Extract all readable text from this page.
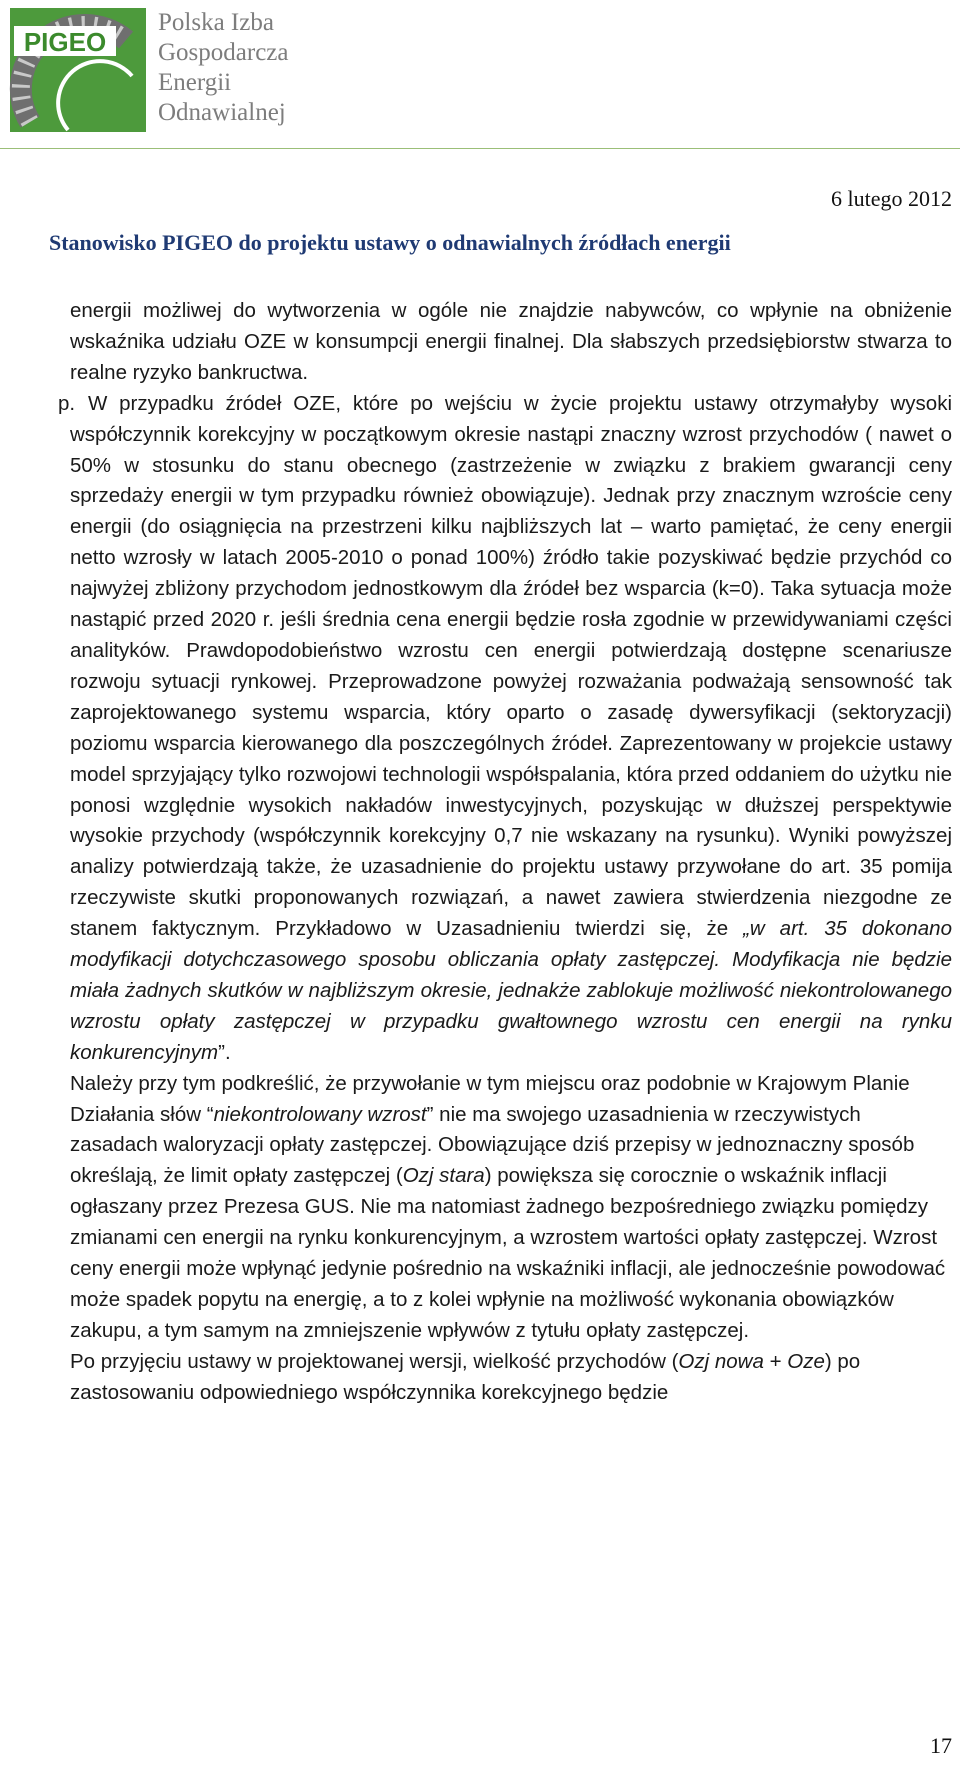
PIGEO
Polska Izba
Gospodarcza
Energii
Odnawialnej
6 lutego 2012
Stanowisko PIGEO do projektu ustawy o odnawialnych źródłach energii

energii możliwej do wytworzenia w ogóle nie znajdzie nabywców, co wpłynie na obniżenie wskaźnika udziału OZE w konsumpcji energii finalnej. Dla słabszych przedsiębiorstw stwarza to realne ryzyko bankructwa.

p. W przypadku źródeł OZE, które po wejściu w życie projektu ustawy otrzymałyby wysoki współczynnik korekcyjny w początkowym okresie nastąpi znaczny wzrost przychodów ( nawet o 50% w stosunku do stanu obecnego (zastrzeżenie w związku z brakiem gwarancji ceny sprzedaży energii w tym przypadku również obowiązuje). Jednak przy znacznym wzroście ceny energii (do osiągnięcia na przestrzeni kilku najbliższych lat – warto pamiętać, że ceny energii netto wzrosły w latach 2005-2010 o ponad 100%) źródło takie pozyskiwać będzie przychód co najwyżej zbliżony przychodom jednostkowym dla źródeł bez wsparcia (k=0). Taka sytuacja może nastąpić przed 2020 r. jeśli średnia cena energii będzie rosła zgodnie w przewidywaniami części analityków. Prawdopodobieństwo wzrostu cen energii potwierdzają dostępne scenariusze rozwoju sytuacji rynkowej. Przeprowadzone powyżej rozważania podważają sensowność tak zaprojektowanego systemu wsparcia, który oparto o zasadę dywersyfikacji (sektoryzacji) poziomu wsparcia kierowanego dla poszczególnych źródeł. Zaprezentowany w projekcie ustawy model sprzyjający tylko rozwojowi technologii współspalania, która przed oddaniem do użytku nie ponosi względnie wysokich nakładów inwestycyjnych, pozyskując w dłuższej perspektywie wysokie przychody (współczynnik korekcyjny 0,7 nie wskazany na rysunku). Wyniki powyższej analizy potwierdzają także, że uzasadnienie do projektu ustawy przywołane do art. 35 pomija rzeczywiste skutki proponowanych rozwiązań, a nawet zawiera stwierdzenia niezgodne ze stanem faktycznym. Przykładowo w Uzasadnieniu twierdzi się, że „w art. 35 dokonano modyfikacji dotychczasowego sposobu obliczania opłaty zastępczej. Modyfikacja nie będzie miała żadnych skutków w najbliższym okresie, jednakże zablokuje możliwość niekontrolowanego wzrostu opłaty zastępczej w przypadku gwałtownego wzrostu cen energii na rynku konkurencyjnym”.

Należy przy tym podkreślić, że przywołanie w tym miejscu oraz podobnie w Krajowym Planie Działania słów “niekontrolowany wzrost” nie ma swojego uzasadnienia w rzeczywistych zasadach waloryzacji opłaty zastępczej. Obowiązujące dziś przepisy w jednoznaczny sposób określają, że limit opłaty zastępczej (Ozj stara) powiększa się corocznie o wskaźnik inflacji ogłaszany przez Prezesa GUS. Nie ma natomiast żadnego bezpośredniego związku pomiędzy zmianami cen energii na rynku konkurencyjnym, a wzrostem wartości opłaty zastępczej. Wzrost ceny energii może wpłynąć jedynie pośrednio na wskaźniki inflacji, ale jednocześnie powodować może spadek popytu na energię, a to z kolei wpłynie na możliwość wykonania obowiązków zakupu, a tym samym na zmniejszenie wpływów z tytułu opłaty zastępczej.

Po przyjęciu ustawy w projektowanej wersji, wielkość przychodów (Ozj nowa + Oze) po zastosowaniu odpowiedniego współczynnika korekcyjnego będzie

17
